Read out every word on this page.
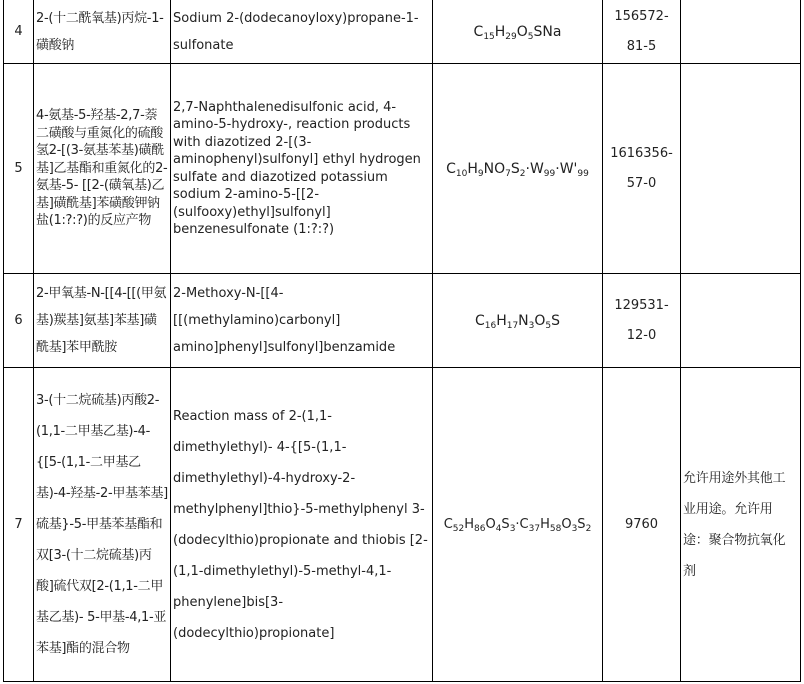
4	2-(十二酰氧基)丙烷-1-磺酸钠	Sodium 2-(dodecanoyloxy)propane-1-sulfonate	$C_{15}H_{29}O_5SNa$	156572-81-5	
5	4-氨基-5-羟基-2,7-萘二磺酸与重氮化的硫酸氢2-[(3-氨基苯基)磺酰基]乙基酯和重氮化的2-氨基-5- [[2-(磺氧基)乙基]磺酰基]苯磺酸钾钠盐(1:?:?)的反应产物	2,7-Naphthalenedisulfonic acid, 4-amino-5-hydroxy-, reaction products with diazotized 2-[(3-aminophenyl)sulfonyl] ethyl hydrogen sulfate and diazotized potassium sodium 2-amino-5-[[2-(sulfooxy)ethyl]sulfonyl] benzenesulfonate (1:?:?)	$C_{10}H_9NO_7S_2\cdot W_{99}\cdot W'_{99}$	1616356-57-0	
6	2-甲氧基-N-[[4-[[(甲氨基)羰基]氨基]苯基]磺酰基]苯甲酰胺	2-Methoxy-N-[[4-[[(methylamino)carbonyl] amino]phenyl]sulfonyl]benzamide	$C_{16}H_{17}N_3O_5S$	129531-12-0	
7	3-(十二烷硫基)丙酸2-(1,1-二甲基乙基)-4-{[5-(1,1-二甲基乙基)-4-羟基-2-甲基苯基]硫基}-5-甲基苯基酯和双[3-(十二烷硫基)丙酸]硫代双[2-(1,1-二甲基乙基)- 5-甲基-4,1-亚苯基]酯的混合物	Reaction mass of 2-(1,1-dimethylethyl)- 4-{[5-(1,1-dimethylethyl)-4-hydroxy-2-methylphenyl]thio}-5-methylphenyl 3-(dodecylthio)propionate and thiobis [2-(1,1-dimethylethyl)-5-methyl-4,1-phenylene]bis[3-(dodecylthio)propionate]	$C_{52}H_{86}O_4S_3\cdot C_{37}H_{58}O_3S_2$	9760	允许用途外其他工业用途。允许用途：聚合物抗氧化剂
